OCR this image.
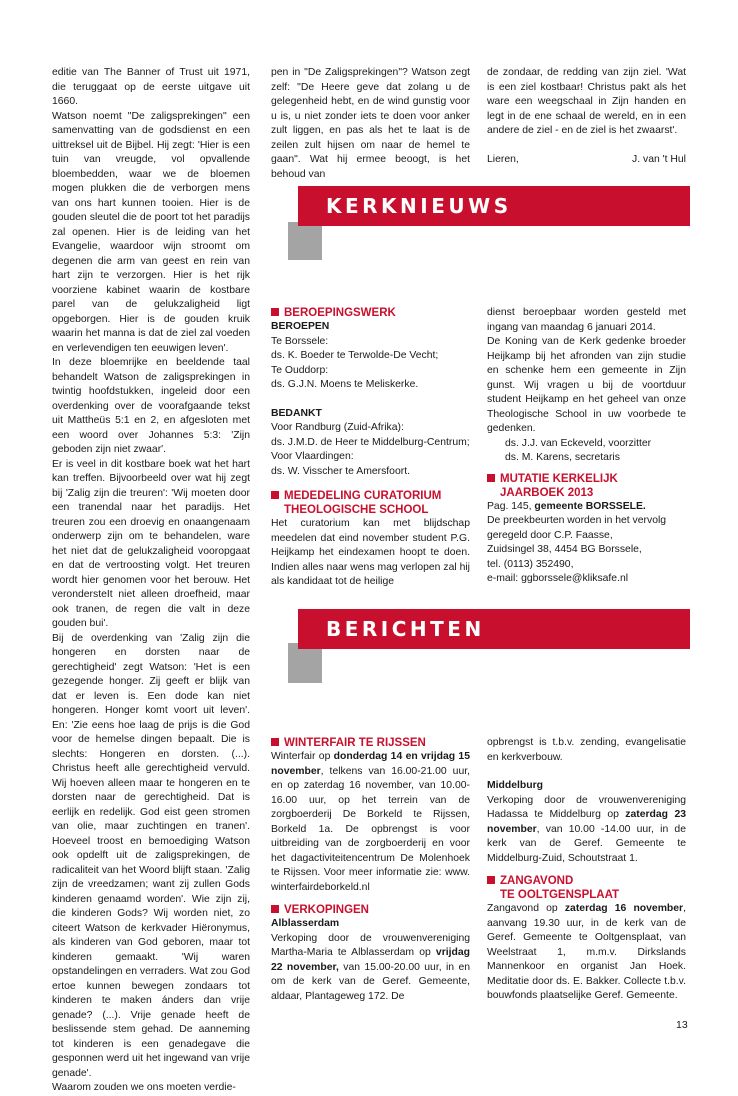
editie van The Banner of Trust uit 1971, die teruggaat op de eerste uitgave uit 1660.

Watson noemt "De zaligsprekingen" een samenvatting van de godsdienst en een uittreksel uit de Bijbel. Hij zegt: 'Hier is een tuin van vreugde, vol opvallende bloembedden, waar we de bloemen mogen plukken die de verborgen mens van ons hart kunnen tooien. Hier is de gouden sleutel die de poort tot het paradijs zal openen. Hier is de leiding van het Evangelie, waardoor wijn stroomt om degenen die arm van geest en rein van hart zijn te verzorgen. Hier is het rijk voorziene kabinet waarin de kostbare parel van de gelukzaligheid ligt opgeborgen. Hier is de gouden kruik waarin het manna is dat de ziel zal voeden en verlevendigen ten eeuwigen leven'.

In deze bloemrijke en beeldende taal behandelt Watson de zaligsprekingen in twintig hoofdstukken, ingeleid door een overdenking over de voorafgaande tekst uit Mattheüs 5:1 en 2, en afgesloten met een woord over Johannes 5:3: 'Zijn geboden zijn niet zwaar'.

Er is veel in dit kostbare boek wat het hart kan treffen. Bijvoorbeeld over wat hij zegt bij 'Zalig zijn die treuren': 'Wij moeten door een tranendal naar het paradijs. Het treuren zou een droevig en onaangenaam onderwerp zijn om te behandelen, ware het niet dat de gelukzaligheid vooropgaat en dat de vertroosting volgt. Het treuren wordt hier genomen voor het berouw. Het verondersteIt niet alleen droefheid, maar ook tranen, de regen die valt in deze gouden bui'.

Bij de overdenking van 'Zalig zijn die hongeren en dorsten naar de gerechtigheid' zegt Watson: 'Het is een gezegende honger. Zij geeft er blijk van dat er leven is. Een dode kan niet hongeren. Honger komt voort uit leven'. En: 'Zie eens hoe laag de prijs is die God voor de hemelse dingen bepaalt. Die is slechts: Hongeren en dorsten. (...). Christus heeft alle gerechtigheid vervuld. Wij hoeven alleen maar te hongeren en te dorsten naar de gerechtigheid. Dat is eerlijk en redelijk. God eist geen stromen van olie, maar zuchtingen en tranen'. Hoeveel troost en bemoediging Watson ook opdelft uit de zaligsprekingen, de radicaliteit van het Woord blijft staan. 'Zalig zijn de vreedzamen; want zij zullen Gods kinderen genaamd worden'. Wie zijn zij, die kinderen Gods? Wij worden niet, zo citeert Watson de kerkvader Hiëronymus, als kinderen van God geboren, maar tot kinderen gemaakt. 'Wij waren opstandelingen en verraders. Wat zou God ertoe kunnen bewegen zondaars tot kinderen te maken ánders dan vrije genade? (...). Vrije genade heeft de beslissende stem gehad. De aanneming tot kinderen is een genadegave die gesponnen werd uit het ingewand van vrije genade'.

Waarom zouden we ons moeten verdie-

pen in "De Zaligsprekingen"? Watson zegt zelf: "De Heere geve dat zolang u de gelegenheid hebt, en de wind gunstig voor u is, u niet zonder iets te doen voor anker zult liggen, en pas als het te laat is de zeilen zult hijsen om naar de hemel te gaan". Wat hij ermee beoogt, is het behoud van

de zondaar, de redding van zijn ziel. 'Wat is een ziel kostbaar! Christus pakt als het ware een weegschaal in Zijn handen en legt in de ene schaal de wereld, en in een andere de ziel - en de ziel is het zwaarst'.

Lieren,	J. van 't Hul
KERKNIEUWS
BEROEPINGSWERK
BEROEPEN
Te Borssele:
ds. K. Boeder te Terwolde-De Vecht;
Te Ouddorp:
ds. G.J.N. Moens te Meliskerke.
BEDANKT
Voor Randburg (Zuid-Afrika):
ds. J.M.D. de Heer te Middelburg-Centrum;
Voor Vlaardingen:
ds. W. Visscher te Amersfoort.
MEDEDELING CURATORIUM
THEOLOGISCHE SCHOOL

Het curatorium kan met blijdschap meedelen dat eind november student P.G. Heijkamp het eindexamen hoopt te doen. Indien alles naar wens mag verlopen zal hij als kandidaat tot de heilige

dienst beroepbaar worden gesteld met ingang van maandag 6 januari 2014.

De Koning van de Kerk gedenke broeder Heijkamp bij het afronden van zijn studie en schenke hem een gemeente in Zijn gunst. Wij vragen u bij de voortduur student Heijkamp en het geheel van onze Theologische School in uw voorbede te gedenken.

ds. J.J. van Eckeveld, voorzitter
ds. M. Karens, secretaris
MUTATIE KERKELIJK
JAARBOEK 2013
Pag. 145, gemeente BORSSELE.
De preekbeurten worden in het vervolg geregeld door C.P. Faasse,
Zuidsingel 38, 4454 BG Borssele,
tel. (0113) 352490,
e-mail: ggborssele@kliksafe.nl
BERICHTEN
WINTERFAIR TE RIJSSEN

Winterfair op donderdag 14 en vrijdag 15 november, telkens van 16.00-21.00 uur, en op zaterdag 16 november, van 10.00-16.00 uur, op het terrein van de zorgboerderij De Borkeld te Rijssen, Borkeld 1a. De opbrengst is voor uitbreiding van de zorgboerderij en voor het dagactiviteitencentrum De Molenhoek te Rijssen. Voor meer informatie zie: www. winterfairdeborkeld.nl

VERKOPINGEN
Alblasserdam

Verkoping door de vrouwenvereniging Martha-Maria te Alblasserdam op vrijdag 22 november, van 15.00-20.00 uur, in en om de kerk van de Geref. Gemeente, aldaar, Plantageweg 172. De

opbrengst is t.b.v. zending, evangelisatie en kerkverbouw.

Middelburg

Verkoping door de vrouwenvereniging Hadassa te Middelburg op zaterdag 23 november, van 10.00 -14.00 uur, in de kerk van de Geref. Gemeente te Middelburg-Zuid, Schoutstraat 1.

ZANGAVOND
TE OOLTGENSPLAAT

Zangavond op zaterdag 16 november, aanvang 19.30 uur, in de kerk van de Geref. Gemeente te Ooltgensplaat, van Weelstraat 1, m.m.v. Dirkslands Mannenkoor en organist Jan Hoek. Meditatie door ds. E. Bakker. Collecte t.b.v. bouwfonds plaatselijke Geref. Gemeente.

13
